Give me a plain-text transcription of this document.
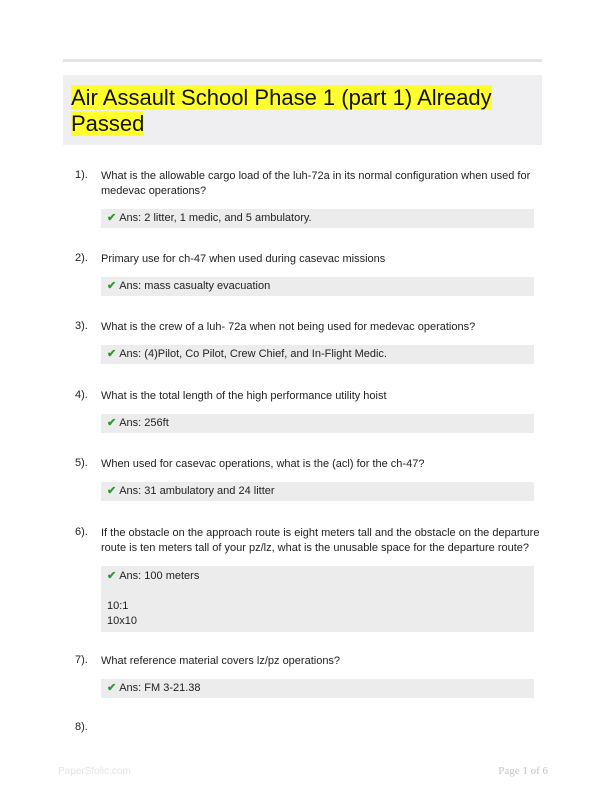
Air Assault School Phase 1 (part 1) Already Passed
1). What is the allowable cargo load of the luh-72a in its normal configuration when used for medevac operations?
✔ Ans: 2 litter, 1 medic, and 5 ambulatory.
2). Primary use for ch-47 when used during casevac missions
✔ Ans: mass casualty evacuation
3). What is the crew of a luh- 72a when not being used for medevac operations?
✔ Ans: (4)Pilot, Co Pilot, Crew Chief, and In-Flight Medic.
4). What is the total length of the high performance utility hoist
✔ Ans: 256ft
5). When used for casevac operations, what is the (acl) for the ch-47?
✔ Ans: 31 ambulatory and 24 litter
6). If the obstacle on the approach route is eight meters tall and the obstacle on the departure route is ten meters tall of your pz/lz, what is the unusable space for the departure route?
✔ Ans: 100 meters
10:1
10x10
7). What reference material covers lz/pz operations?
✔ Ans: FM 3-21.38
8).
PaperSfolic.com	Page 1 of 6
